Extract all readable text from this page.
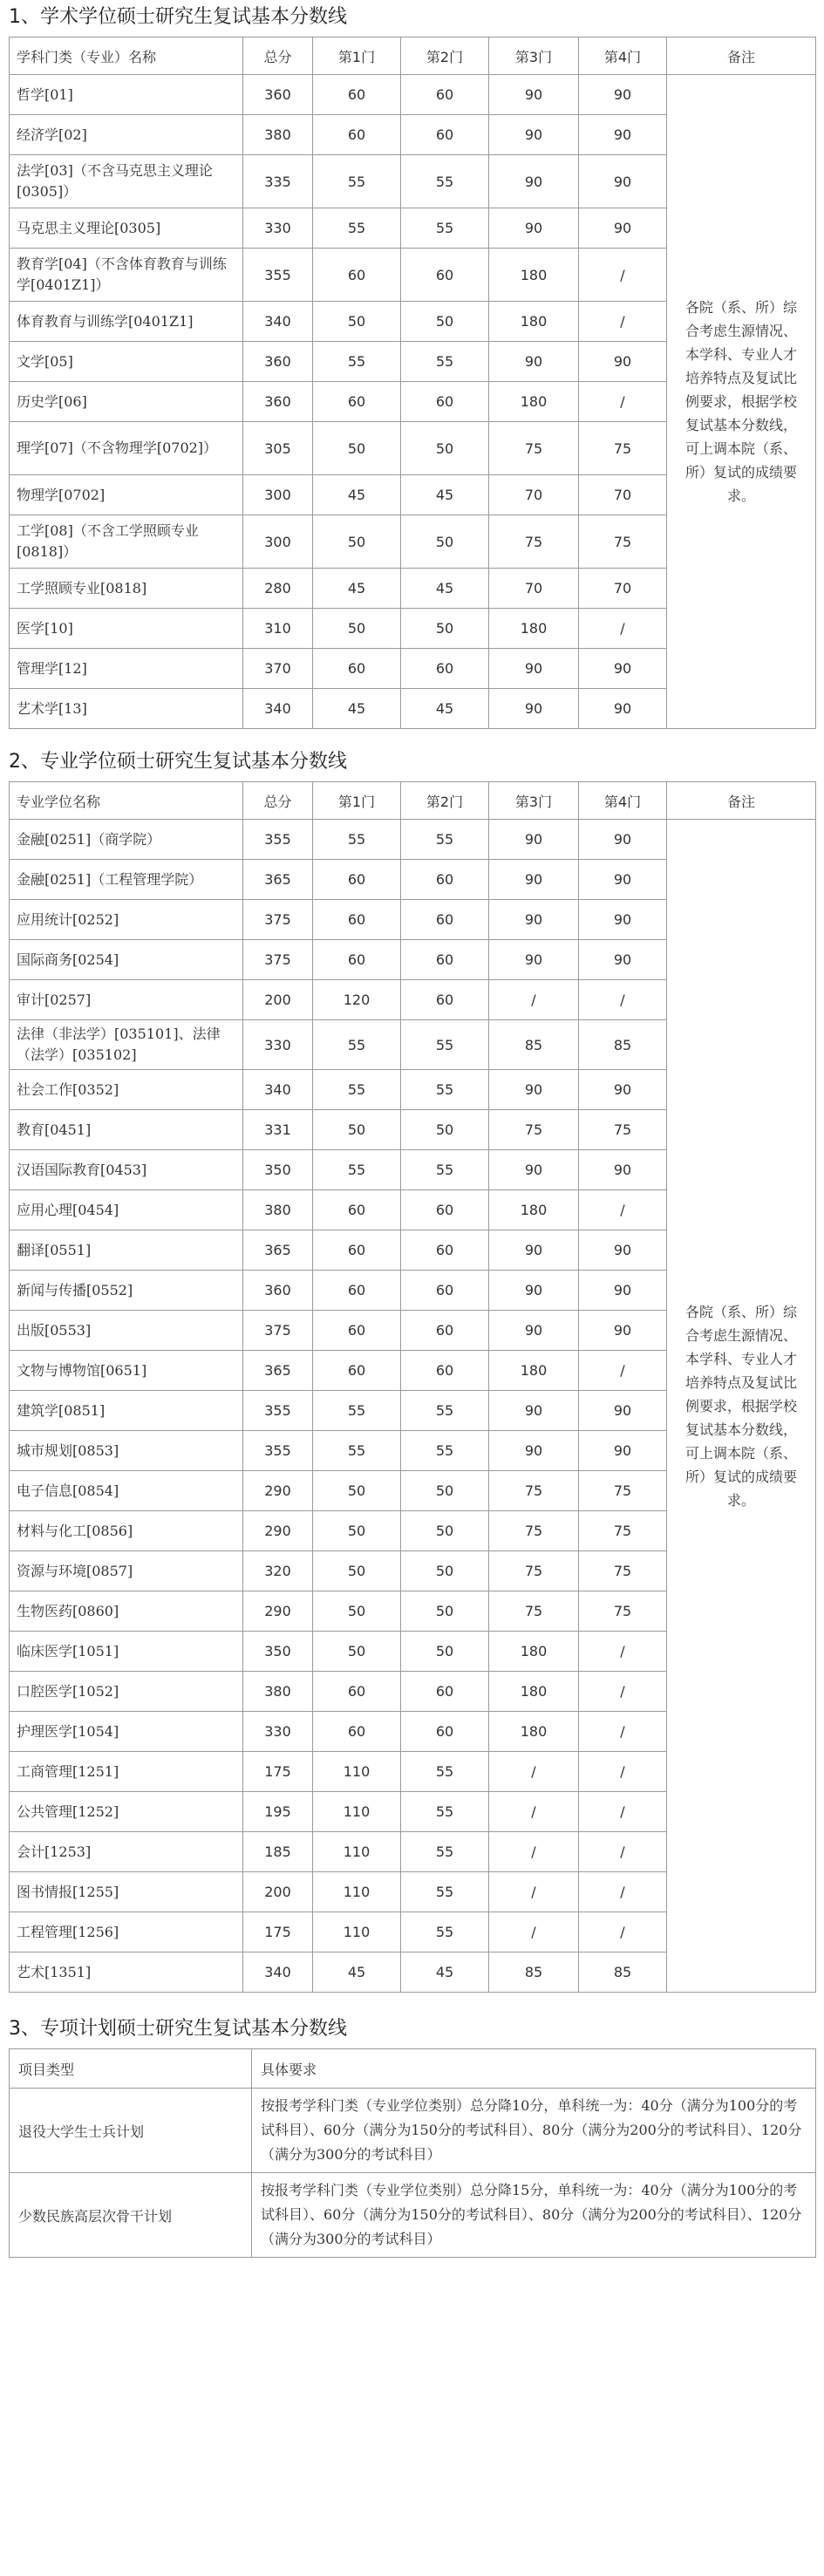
1、学术学位硕士研究生复试基本分数线
学科门类（专业）名称	总分	第1门	第2门	第3门	第4门	备注
哲学[01]	360	60	60	90	90	各院（系、所）综合考虑生源情况、本学科、专业人才培养特点及复试比例要求，根据学校复试基本分数线，可上调本院（系、所）复试的成绩要求。
经济学[02]	380	60	60	90	90	
法学[03]（不含马克思主义理论[0305]）	335	55	55	90	90	
马克思主义理论[0305]	330	55	55	90	90	
教育学[04]（不含体育教育与训练学[0401Z1]）	355	60	60	180	/	
体育教育与训练学[0401Z1]	340	50	50	180	/	
文学[05]	360	55	55	90	90	
历史学[06]	360	60	60	180	/	
理学[07]（不含物理学[0702]）	305	50	50	75	75	
物理学[0702]	300	45	45	70	70	
工学[08]（不含工学照顾专业[0818]）	300	50	50	75	75	
工学照顾专业[0818]	280	45	45	70	70	
医学[10]	310	50	50	180	/	
管理学[12]	370	60	60	90	90	
艺术学[13]	340	45	45	90	90	
2、专业学位硕士研究生复试基本分数线
专业学位名称	总分	第1门	第2门	第3门	第4门	备注
金融[0251]（商学院）	355	55	55	90	90	各院（系、所）综合考虑生源情况、本学科、专业人才培养特点及复试比例要求，根据学校复试基本分数线，可上调本院（系、所）复试的成绩要求。
金融[0251]（工程管理学院）	365	60	60	90	90	
应用统计[0252]	375	60	60	90	90	
国际商务[0254]	375	60	60	90	90	
审计[0257]	200	120	60	/	/	
法律（非法学）[035101]、法律（法学）[035102]	330	55	55	85	85	
社会工作[0352]	340	55	55	90	90	
教育[0451]	331	50	50	75	75	
汉语国际教育[0453]	350	55	55	90	90	
应用心理[0454]	380	60	60	180	/	
翻译[0551]	365	60	60	90	90	
新闻与传播[0552]	360	60	60	90	90	
出版[0553]	375	60	60	90	90	
文物与博物馆[0651]	365	60	60	180	/	
建筑学[0851]	355	55	55	90	90	
城市规划[0853]	355	55	55	90	90	
电子信息[0854]	290	50	50	75	75	
材料与化工[0856]	290	50	50	75	75	
资源与环境[0857]	320	50	50	75	75	
生物医药[0860]	290	50	50	75	75	
临床医学[1051]	350	50	50	180	/	
口腔医学[1052]	380	60	60	180	/	
护理医学[1054]	330	60	60	180	/	
工商管理[1251]	175	110	55	/	/	
公共管理[1252]	195	110	55	/	/	
会计[1253]	185	110	55	/	/	
图书情报[1255]	200	110	55	/	/	
工程管理[1256]	175	110	55	/	/	
艺术[1351]	340	45	45	85	85	
3、专项计划硕士研究生复试基本分数线
项目类型	具体要求
退役大学生士兵计划	按报考学科门类（专业学位类别）总分降10分，单科统一为：40分（满分为100分的考试科目）、60分（满分为150分的考试科目）、80分（满分为200分的考试科目）、120分（满分为300分的考试科目）
少数民族高层次骨干计划	按报考学科门类（专业学位类别）总分降15分，单科统一为：40分（满分为100分的考试科目）、60分（满分为150分的考试科目）、80分（满分为200分的考试科目）、120分（满分为300分的考试科目）
